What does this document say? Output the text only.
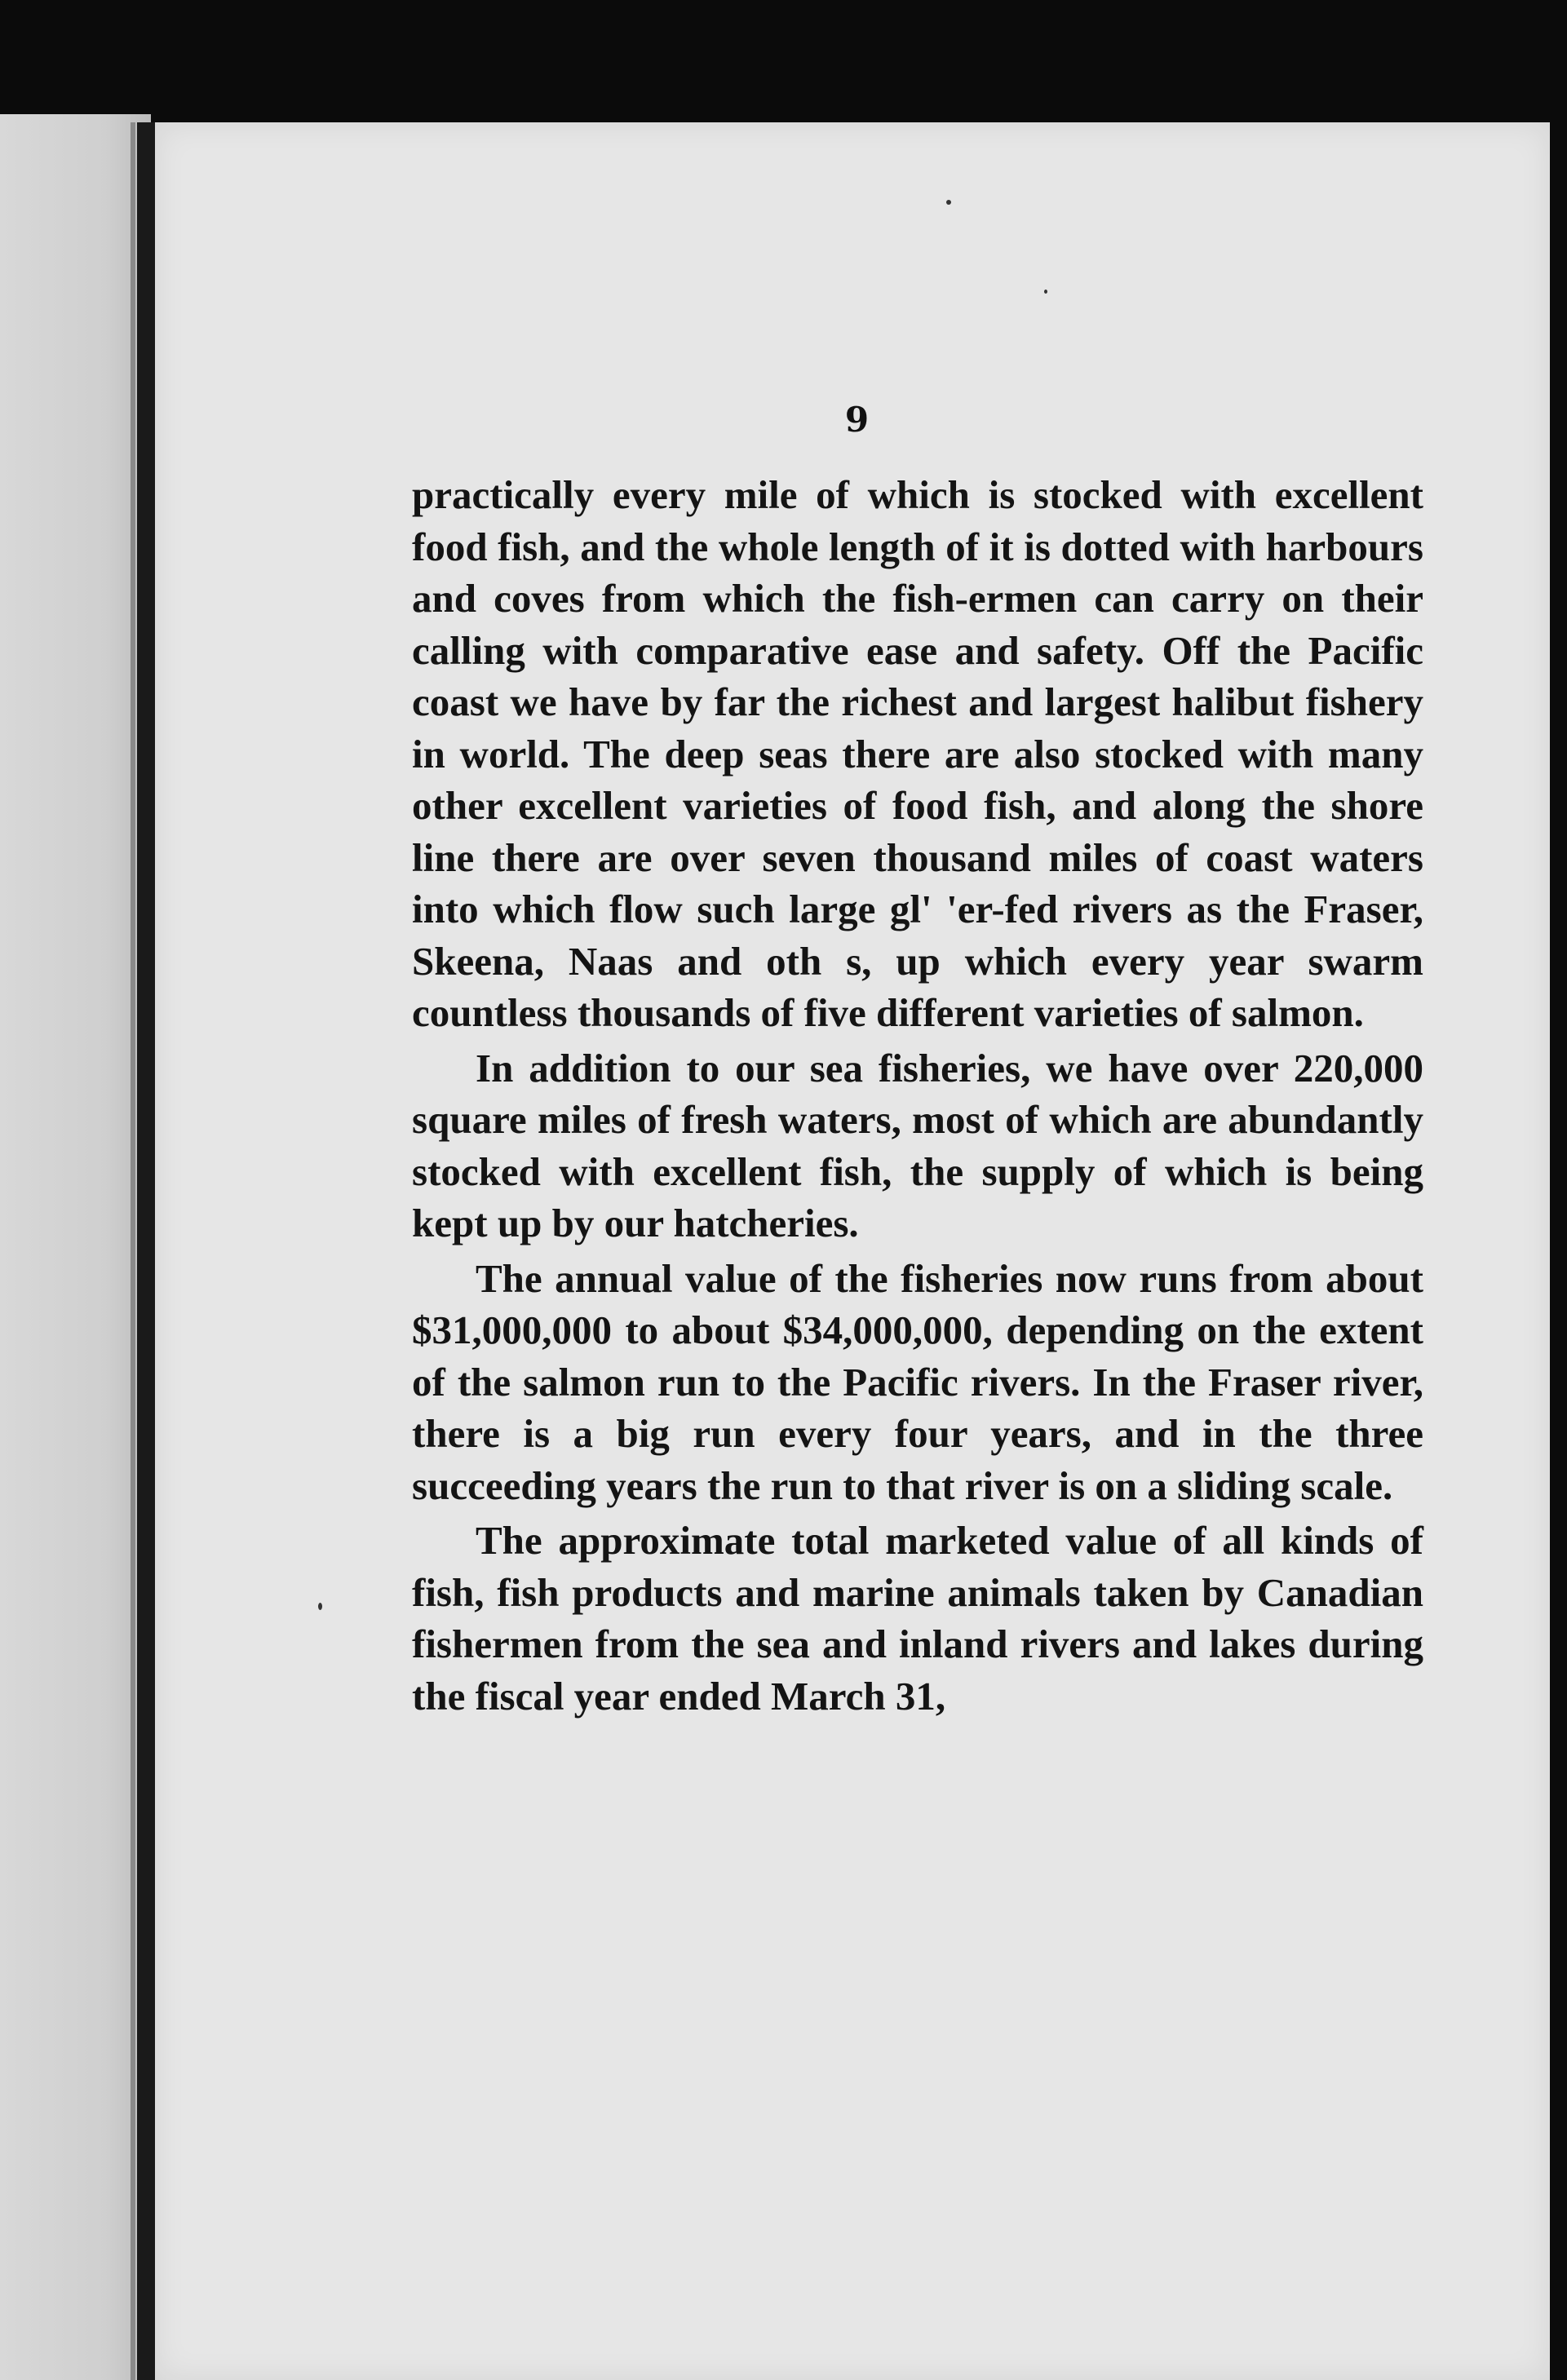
9

practically every mile of which is stocked with excellent food fish, and the whole length of it is dotted with harbours and coves from which the fish-ermen can carry on their calling with comparative ease and safety. Off the Pacific coast we have by far the richest and largest halibut fishery in world. The deep seas there are also stocked with many other excellent varieties of food fish, and along the shore line there are over seven thousand miles of coast waters into which flow such large gl' 'er-fed rivers as the Fraser, Skeena, Naas and oth s, up which every year swarm countless thousands of five different varieties of salmon.

In addition to our sea fisheries, we have over 220,000 square miles of fresh waters, most of which are abundantly stocked with excellent fish, the supply of which is being kept up by our hatcheries.

The annual value of the fisheries now runs from about $31,000,000 to about $34,000,000, depending on the extent of the salmon run to the Pacific rivers. In the Fraser river, there is a big run every four years, and in the three succeeding years the run to that river is on a sliding scale.

The approximate total marketed value of all kinds of fish, fish products and marine animals taken by Canadian fishermen from the sea and inland rivers and lakes during the fiscal year ended March 31,
